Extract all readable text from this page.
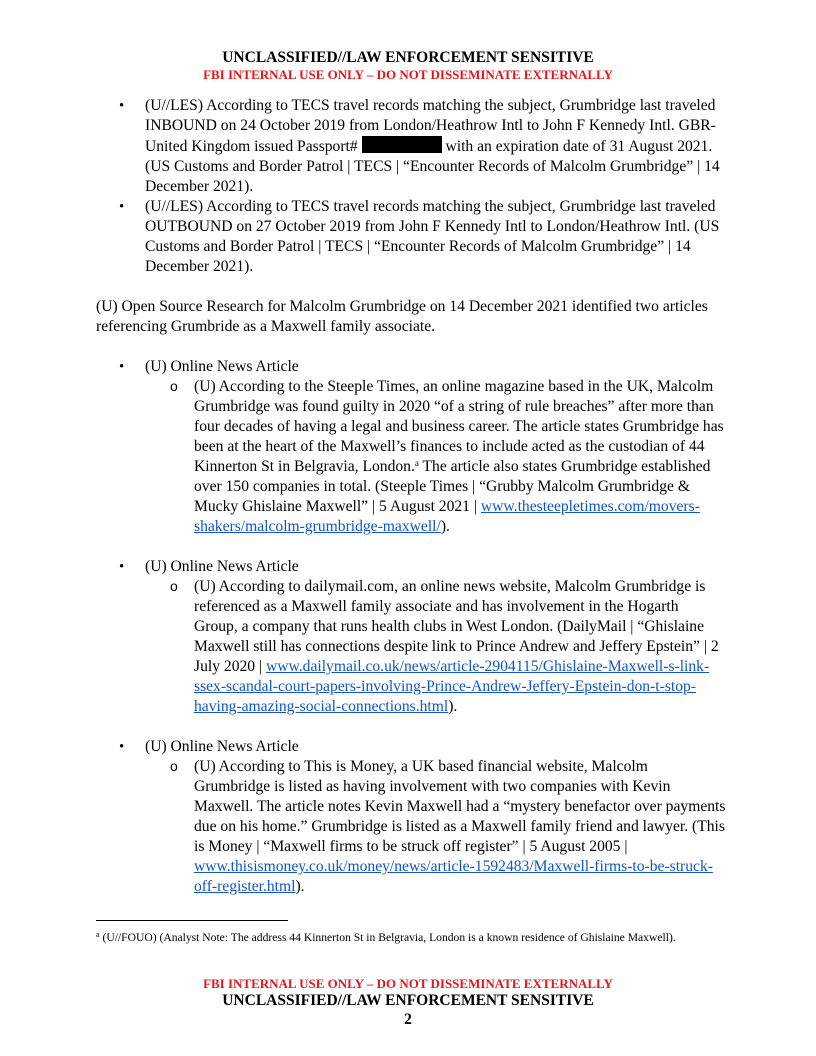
UNCLASSIFIED//LAW ENFORCEMENT SENSITIVE
FBI INTERNAL USE ONLY – DO NOT DISSEMINATE EXTERNALLY
• (U//LES) According to TECS travel records matching the subject, Grumbridge last traveled INBOUND on 24 October 2019 from London/Heathrow Intl to John F Kennedy Intl. GBR-United Kingdom issued Passport#	with an expiration date of 31 August 2021. (US Customs and Border Patrol | TECS | “Encounter Records of Malcolm Grumbridge” | 14 December 2021).
• (U//LES) According to TECS travel records matching the subject, Grumbridge last traveled OUTBOUND on 27 October 2019 from John F Kennedy Intl to London/Heathrow Intl. (US Customs and Border Patrol | TECS | “Encounter Records of Malcolm Grumbridge” | 14 December 2021).

(U) Open Source Research for Malcolm Grumbridge on 14 December 2021 identified two articles referencing Grumbride as a Maxwell family associate.

• (U) Online News Article
o (U) According to the Steeple Times, an online magazine based in the UK, Malcolm Grumbridge was found guilty in 2020 “of a string of rule breaches” after more than four decades of having a legal and business career. The article states Grumbridge has been at the heart of the Maxwell’s finances to include acted as the custodian of 44 Kinnerton St in Belgravia, London.$^a$ The article also states Grumbridge established over 150 companies in total. (Steeple Times | “Grubby Malcolm Grumbridge & Mucky Ghislaine Maxwell” | 5 August 2021 | www.thesteepletimes.com/movers-shakers/malcolm-grumbridge-maxwell/).
• (U) Online News Article
o (U) According to dailymail.com, an online news website, Malcolm Grumbridge is referenced as a Maxwell family associate and has involvement in the Hogarth Group, a company that runs health clubs in West London. (DailyMail | “Ghislaine Maxwell still has connections despite link to Prince Andrew and Jeffery Epstein” | 2 July 2020 | www.dailymail.co.uk/news/article-2904115/Ghislaine-Maxwell-s-link-ssex-scandal-court-papers-involving-Prince-Andrew-Jeffery-Epstein-don-t-stop-having-amazing-social-connections.html).
• (U) Online News Article
o (U) According to This is Money, a UK based financial website, Malcolm Grumbridge is listed as having involvement with two companies with Kevin Maxwell. The article notes Kevin Maxwell had a “mystery benefactor over payments due on his home.” Grumbridge is listed as a Maxwell family friend and lawyer. (This is Money | “Maxwell firms to be struck off register” | 5 August 2005 | www.thisismoney.co.uk/money/news/article-1592483/Maxwell-firms-to-be-struck-off-register.html).
$^a$ (U//FOUO) (Analyst Note: The address 44 Kinnerton St in Belgravia, London is a known residence of Ghislaine Maxwell).
FBI INTERNAL USE ONLY – DO NOT DISSEMINATE EXTERNALLY
UNCLASSIFIED//LAW ENFORCEMENT SENSITIVE
2
